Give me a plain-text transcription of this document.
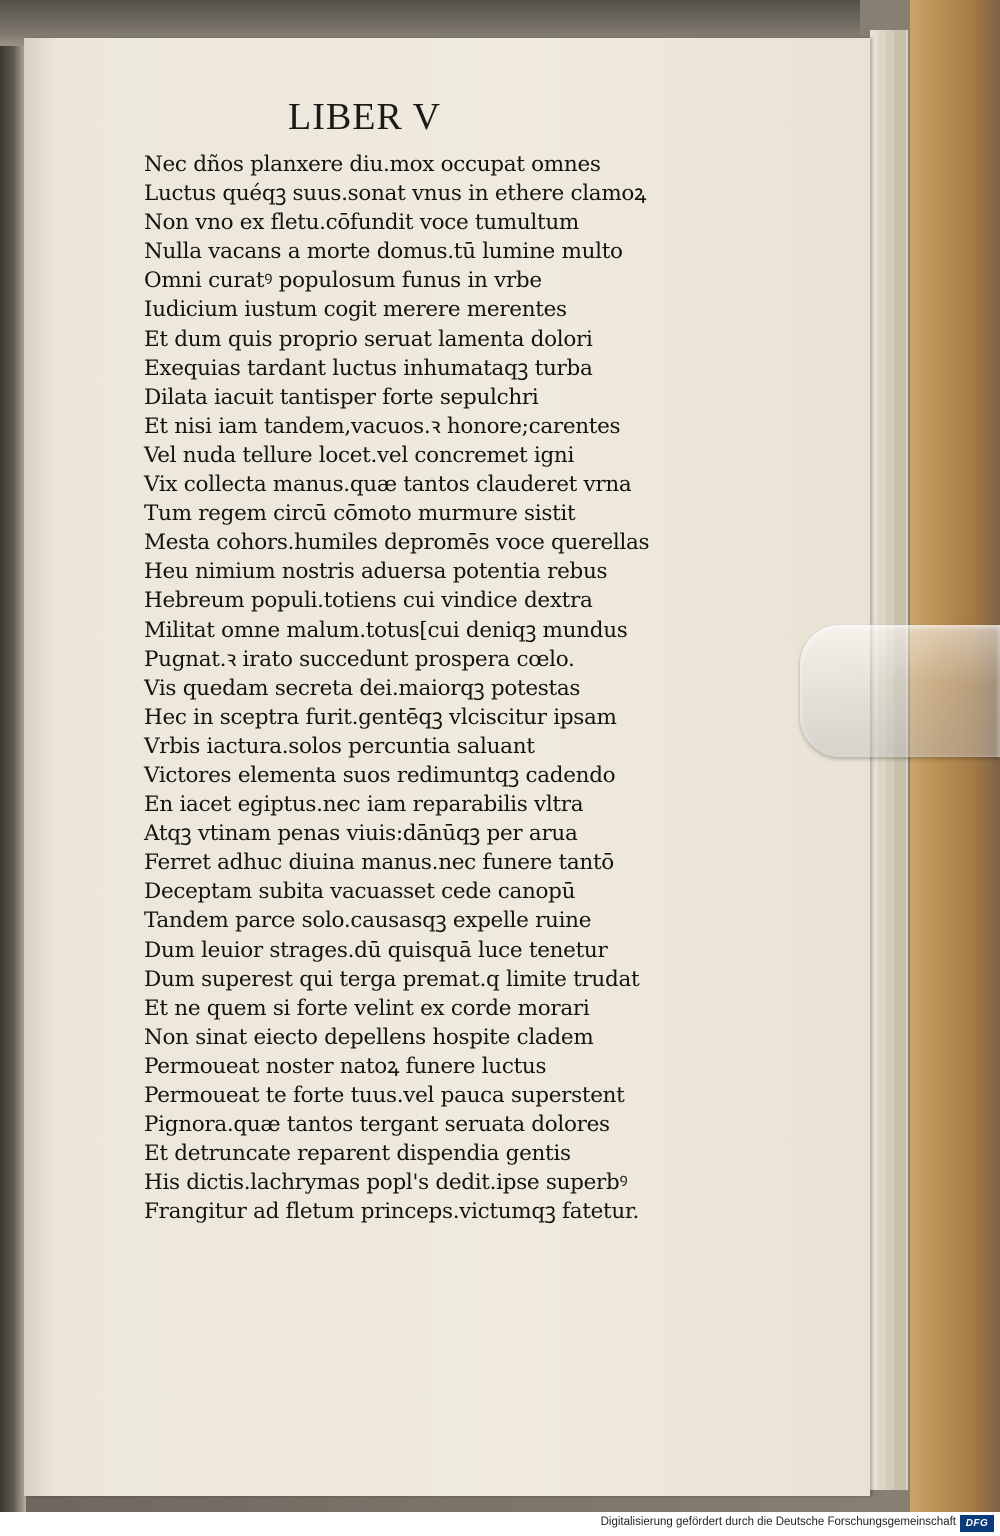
LIBER V
Nec dños planxere diu.mox occupat omnes
Luctus quéqꝫ suus.sonat vnus in ethere clamoꝝ
Non vno ex fletu.cōfundit voce tumultum
Nulla vacans a morte domus.tū lumine multo
Omni curatꝰ populosum funus in vrbe
Iudicium iustum cogit merere merentes
Et dum quis proprio seruat lamenta dolori
Exequias tardant luctus inhumataqꝫ turba
Dilata iacuit tantisper forte sepulchri
Et nisi iam tandem,vacuos.ꝛ honore;carentes
Vel nuda tellure locet.vel concremet igni
Vix collecta manus.quæ tantos clauderet vrna
Tum regem circū cōmoto murmure sistit
Mesta cohors.humiles depromēs voce querellas
Heu nimium nostris aduersa potentia rebus
Hebreum populi.totiens cui vindice dextra
Militat omne malum.totus[cui deniqꝫ mundus
Pugnat.ꝛ irato succedunt prospera cœlo.
Vis quedam secreta dei.maiorqꝫ potestas
Hec in sceptra furit.gentēqꝫ vlciscitur ipsam
Vrbis iactura.solos percuntia saluant
Victores elementa suos redimuntqꝫ cadendo
En iacet egiptus.nec iam reparabilis vltra
Atqꝫ vtinam penas viuis:dānūqꝫ per arua
Ferret adhuc diuina manus.nec funere tantō
Deceptam subita vacuasset cede canopū
Tandem parce solo.causasqꝫ expelle ruine
Dum leuior strages.dū quisquā luce tenetur
Dum superest qui terga premat.q limite trudat
Et ne quem si forte velint ex corde morari
Non sinat eiecto depellens hospite cladem
Permoueat noster natoꝝ funere luctus
Permoueat te forte tuus.vel pauca superstent
Pignora.quæ tantos tergant seruata dolores
Et detruncate reparent dispendia gentis
His dictis.lachrymas popl's dedit.ipse superbꝰ
Frangitur ad fletum princeps.victumqꝫ fatetur.
Digitalisierung gefördert durch die Deutsche Forschungsgemeinschaft DFG
